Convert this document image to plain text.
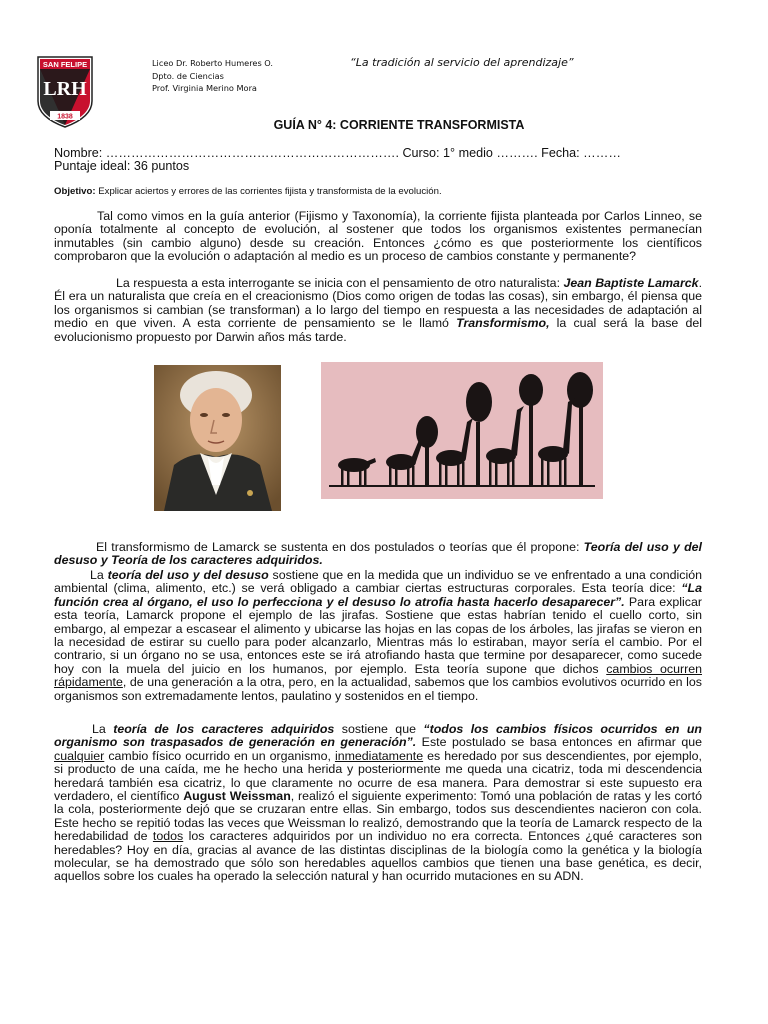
SAN FELIPE
LRH
1838
Liceo Dr. Roberto Humeres O.
Dpto. de Ciencias
Prof. Virginia Merino Mora
“La tradición al servicio del aprendizaje”
GUÍA N° 4: CORRIENTE TRANSFORMISTA
Nombre: ……………………………………………………………. Curso: 1° medio ………. Fecha: ………
Puntaje ideal: 36 puntos
Objetivo: Explicar aciertos y errores de las corrientes fijista y transformista de la evolución.

Tal como vimos en la guía anterior (Fijismo y Taxonomía), la corriente fijista planteada por Carlos Linneo, se oponía totalmente al concepto de evolución, al sostener que todos los organismos existentes permanecían inmutables (sin cambio alguno) desde su creación. Entonces ¿cómo es que posteriormente los científicos comprobaron que la evolución o adaptación al medio es un proceso de cambios constante y permanente?

La respuesta a esta interrogante se inicia con el pensamiento de otro naturalista: Jean Baptiste Lamarck. Él era un naturalista que creía en el creacionismo (Dios como origen de todas las cosas), sin embargo, él piensa que los organismos si cambian (se transforman) a lo largo del tiempo en respuesta a las necesidades de adaptación al medio en que viven. A esta corriente de pensamiento se le llamó Transformismo, la cual será la base del evolucionismo propuesto por Darwin años más tarde.

El transformismo de Lamarck se sustenta en dos postulados o teorías que él propone: Teoría del uso y del desuso y Teoría de los caracteres adquiridos.

La teoría del uso y del desuso sostiene que en la medida que un individuo se ve enfrentado a una condición ambiental (clima, alimento, etc.) se verá obligado a cambiar ciertas estructuras corporales. Esta teoría dice: “La función crea al órgano, el uso lo perfecciona y el desuso lo atrofia hasta hacerlo desaparecer”. Para explicar esta teoría, Lamarck propone el ejemplo de las jirafas. Sostiene que estas habrían tenido el cuello corto, sin embargo, al empezar a escasear el alimento y ubicarse las hojas en las copas de los árboles, las jirafas se vieron en la necesidad de estirar su cuello para poder alcanzarlo, Mientras más lo estiraban, mayor sería el cambio. Por el contrario, si un órgano no se usa, entonces este se irá atrofiando hasta que termine por desaparecer, como sucede hoy con la muela del juicio en los humanos, por ejemplo. Esta teoría supone que dichos cambios ocurren rápidamente, de una generación a la otra, pero, en la actualidad, sabemos que los cambios evolutivos ocurrido en los organismos son extremadamente lentos, paulatino y sostenidos en el tiempo.

La teoría de los caracteres adquiridos sostiene que “todos los cambios físicos ocurridos en un organismo son traspasados de generación en generación”. Este postulado se basa entonces en afirmar que cualquier cambio físico ocurrido en un organismo, inmediatamente es heredado por sus descendientes, por ejemplo, si producto de una caída, me he hecho una herida y posteriormente me queda una cicatriz, toda mi descendencia heredará también esa cicatriz, lo que claramente no ocurre de esa manera. Para demostrar si este supuesto era verdadero, el científico August Weissman, realizó el siguiente experimento: Tomó una población de ratas y les cortó la cola, posteriormente dejó que se cruzaran entre ellas. Sin embargo, todos sus descendientes nacieron con cola. Este hecho se repitió todas las veces que Weissman lo realizó, demostrando que la teoría de Lamarck respecto de la heredabilidad de todos los caracteres adquiridos por un individuo no era correcta. Entonces ¿qué caracteres son heredables? Hoy en día, gracias al avance de las distintas disciplinas de la biología como la genética y la biología molecular, se ha demostrado que sólo son heredables aquellos cambios que tienen una base genética, es decir, aquellos sobre los cuales ha operado la selección natural y han ocurrido mutaciones en su ADN.
